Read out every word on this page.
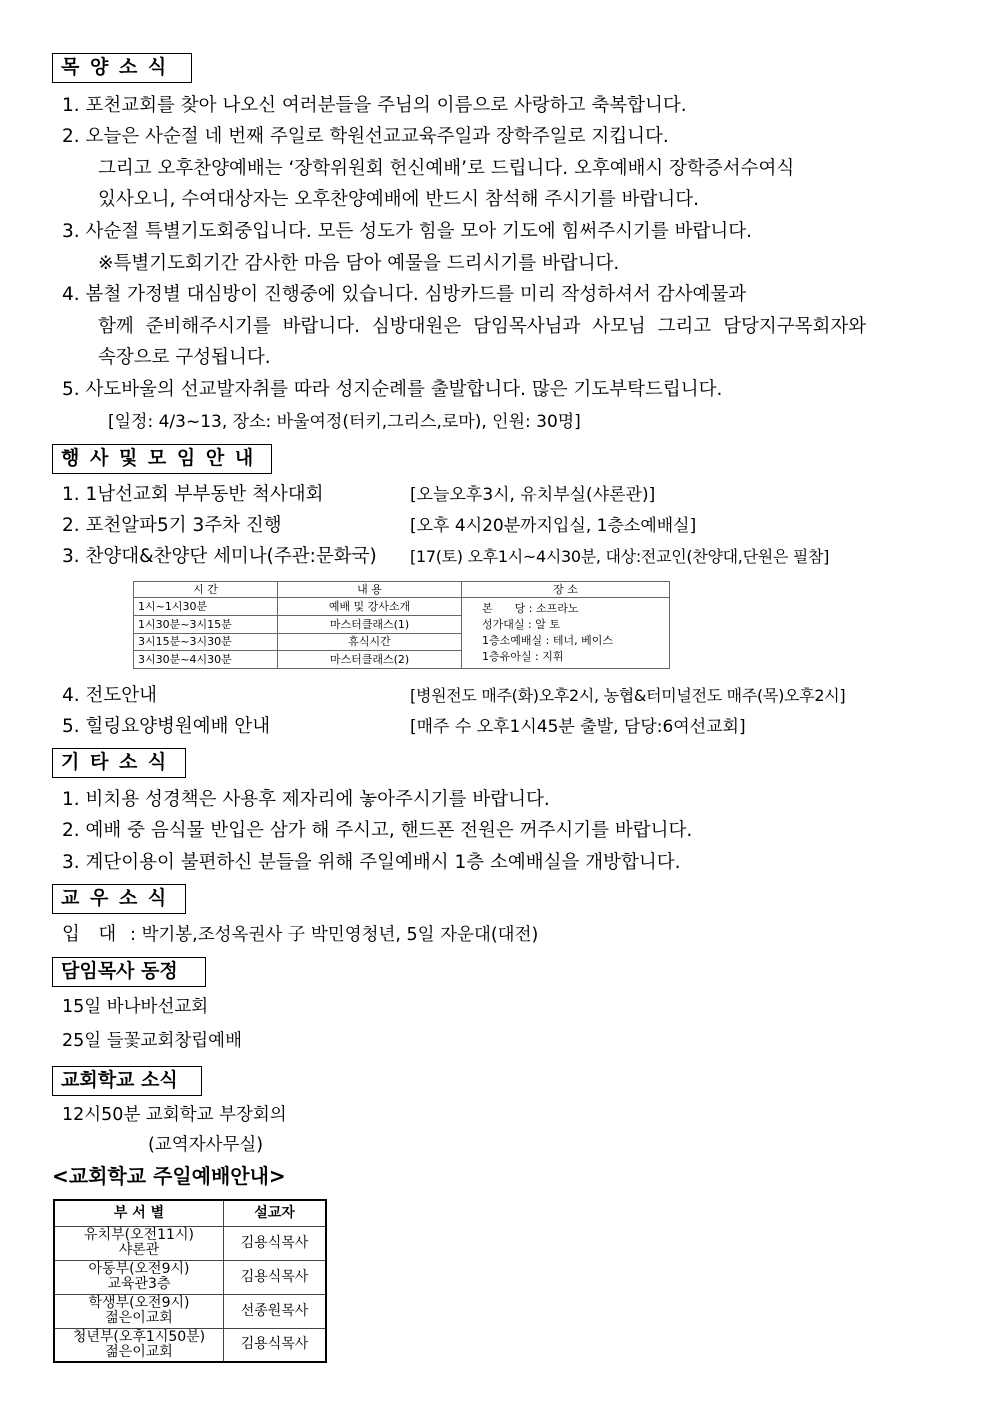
목 양 소 식
1. 포천교회를 찾아 나오신 여러분들을 주님의 이름으로 사랑하고 축복합니다.
2. 오늘은 사순절 네 번째 주일로 학원선교교육주일과 장학주일로 지킵니다.
그리고 오후찬양예배는 ‘장학위원회 헌신예배’로 드립니다. 오후예배시 장학증서수여식
있사오니, 수여대상자는 오후찬양예배에 반드시 참석해 주시기를 바랍니다.
3. 사순절 특별기도회중입니다. 모든 성도가 힘을 모아 기도에 힘써주시기를 바랍니다.
※특별기도회기간 감사한 마음 담아 예물을 드리시기를 바랍니다.
4. 봄철 가정별 대심방이 진행중에 있습니다. 심방카드를 미리 작성하셔서 감사예물과
함께 준비해주시기를 바랍니다. 심방대원은 담임목사님과 사모님 그리고 담당지구목회자와
속장으로 구성됩니다.
5. 사도바울의 선교발자취를 따라 성지순례를 출발합니다. 많은 기도부탁드립니다.
[일정: 4/3~13, 장소: 바울여정(터키,그리스,로마), 인원: 30명]
행 사 및 모 임 안 내
1. 1남선교회 부부동반 척사대회	[오늘오후3시, 유치부실(샤론관)]
2. 포천알파5기 3주차 진행	[오후 4시20분까지입실, 1층소예배실]
3. 찬양대&찬양단 세미나(주관:문화국) [17(토) 오후1시~4시30분, 대상:전교인(찬양대,단원은 필참]
시 간	내 용	장 소
1시~1시30분	예배 및 강사소개	본　　당 : 소프라노
성가대실 : 알 토
1층소예배실 : 테너, 베이스
1층유아실 : 지휘

1시30분~3시15분	마스터클래스(1)	
3시15분~3시30분	휴식시간	
3시30분~4시30분	마스터클래스(2)	
4. 전도안내	[병원전도 매주(화)오후2시, 농협&터미널전도 매주(목)오후2시]
5. 힐링요양병원예배 안내	[매주 수 오후1시45분 출발, 담당:6여선교회]
기 타 소 식
1. 비치용 성경책은 사용후 제자리에 놓아주시기를 바랍니다.
2. 예배 중 음식물 반입은 삼가 해 주시고, 핸드폰 전원은 꺼주시기를 바랍니다.
3. 계단이용이 불편하신 분들을 위해 주일예배시 1층 소예배실을 개방합니다.
교 우 소 식
입　대 : 박기봉,조성옥권사 子 박민영청년, 5일 자운대(대전)
담임목사 동정
15일 바나바선교회
25일 들꽃교회창립예배
교회학교 소식
12시50분 교회학교 부장회의
(교역자사무실)
<교회학교 주일예배안내>
부 서 별	설교자

유치부(오전11시)
샤론관	김용식목사

아동부(오전9시)
교육관3층	김용식목사

학생부(오전9시)
젊은이교회	선종원목사

청년부(오후1시50분)
젊은이교회	김용식목사
